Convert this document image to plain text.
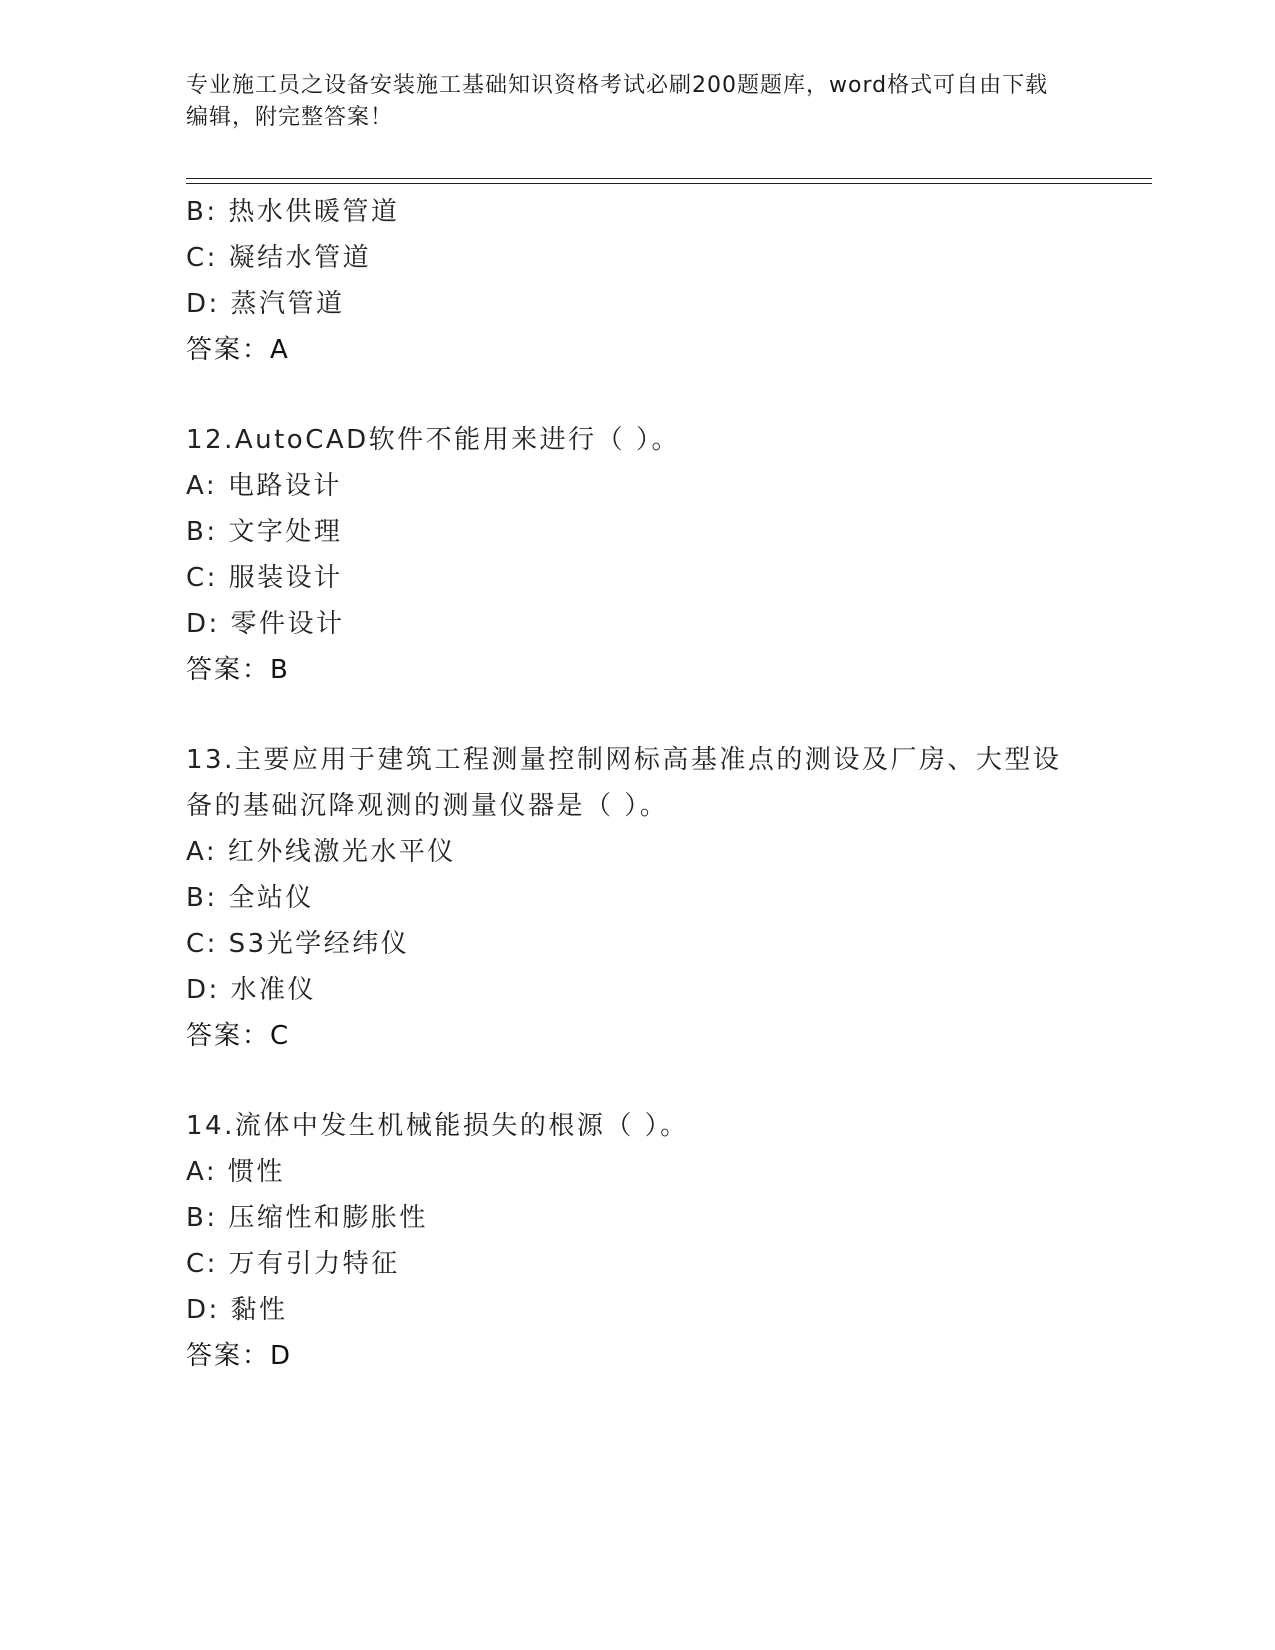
专业施工员之设备安装施工基础知识资格考试必刷200题题库，word格式可自由下载编辑，附完整答案！
B: 热水供暖管道
C: 凝结水管道
D: 蒸汽管道
答案：A
12.AutoCAD软件不能用来进行（ ）。
A: 电路设计
B: 文字处理
C: 服装设计
D: 零件设计
答案：B
13.主要应用于建筑工程测量控制网标高基准点的测设及厂房、大型设备的基础沉降观测的测量仪器是（ ）。
A: 红外线激光水平仪
B: 全站仪
C: S3光学经纬仪
D: 水准仪
答案：C
14.流体中发生机械能损失的根源（ ）。
A: 惯性
B: 压缩性和膨胀性
C: 万有引力特征
D: 黏性
答案：D
